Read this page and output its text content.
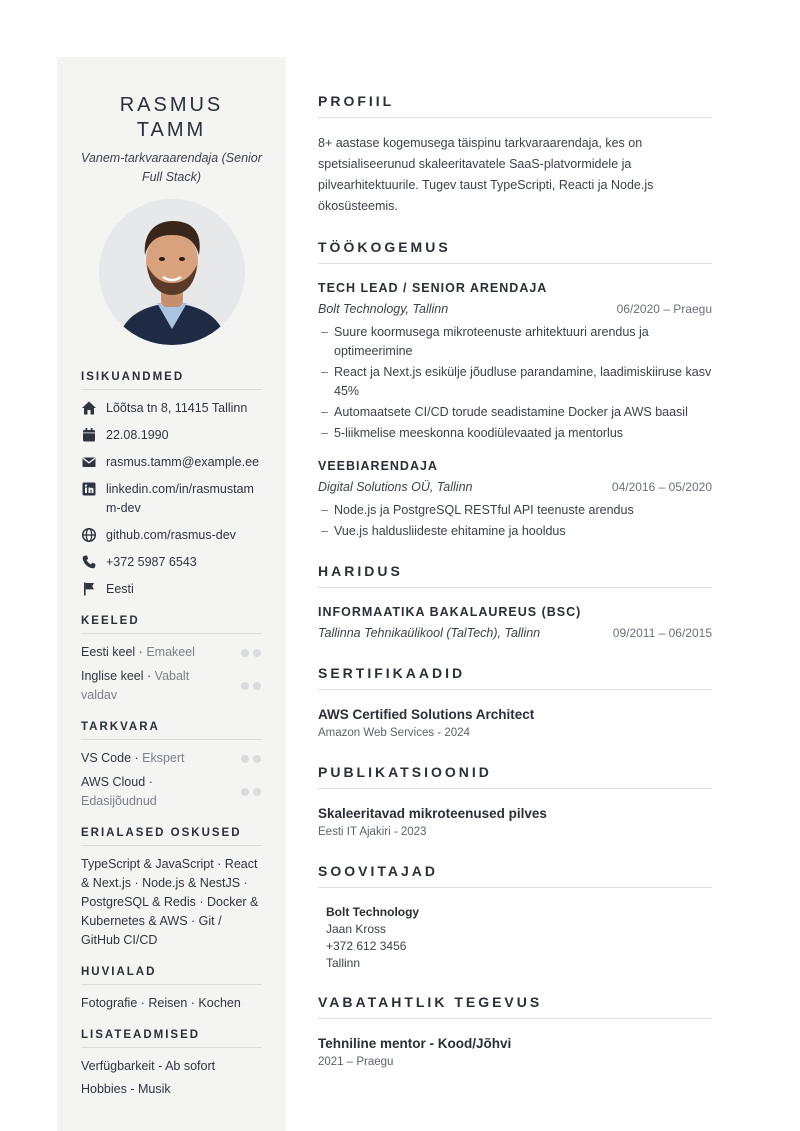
RASMUS TAMM
Vanem-tarkvaraarendaja (Senior Full Stack)
ISIKUANDMED
Lõõtsa tn 8, 11415 Tallinn
22.08.1990
rasmus.tamm@example.ee
linkedin.com/in/rasmustamm-dev
github.com/rasmus-dev
+372 5987 6543
Eesti
KEELED
Eesti keel · Emakeel
Inglise keel · Vabalt valdav
TARKVARA
VS Code · Ekspert
AWS Cloud · Edasijõudnud
ERIALASED OSKUSED
TypeScript & JavaScript · React & Next.js · Node.js & NestJS · PostgreSQL & Redis · Docker & Kubernetes & AWS · Git / GitHub CI/CD
HUVIALAD
Fotografie · Reisen · Kochen
LISATEADMISED
Verfügbarkeit - Ab sofort
Hobbies - Musik
PROFIIL

8+ aastase kogemusega täispinu tarkvaraarendaja, kes on spetsialiseerunud skaleeritavatele SaaS-platvormidele ja pilvearhitektuurile. Tugev taust TypeScripti, Reacti ja Node.js ökosüsteemis.

TÖÖKOGEMUS
TECH LEAD / SENIOR ARENDAJA
Bolt Technology, Tallinn	06/2020 – Praegu
– Suure koormusega mikroteenuste arhitektuuri arendus ja optimeerimine
– React ja Next.js esikülje jõudluse parandamine, laadimiskiiruse kasv 45%
– Automaatsete CI/CD torude seadistamine Docker ja AWS baasil
– 5-liikmelise meeskonna koodiülevaated ja mentorlus
VEEBIARENDAJA
Digital Solutions OÜ, Tallinn	04/2016 – 05/2020
– Node.js ja PostgreSQL RESTful API teenuste arendus
– Vue.js haldusliideste ehitamine ja hooldus
HARIDUS
INFORMAATIKA BAKALAUREUS (BSC)
Tallinna Tehnikaülikool (TalTech), Tallinn	09/2011 – 06/2015
SERTIFIKAADID
AWS Certified Solutions Architect
Amazon Web Services - 2024
PUBLIKATSIOONID
Skaleeritavad mikroteenused pilves
Eesti IT Ajakiri - 2023
SOOVITAJAD
Bolt Technology
Jaan Kross
+372 612 3456
Tallinn
VABATAHTLIK TEGEVUS
Tehniline mentor - Kood/Jõhvi
2021 – Praegu
